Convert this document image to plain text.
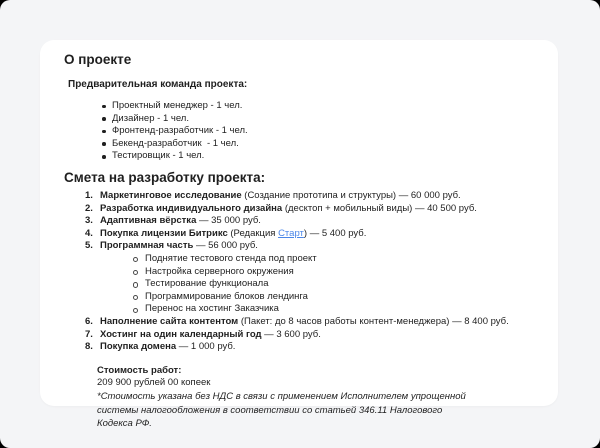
О проекте
Предварительная команда проекта:
Проектный менеджер - 1 чел.
Дизайнер - 1 чел.
Фронтенд-разработчик - 1 чел.
Бекенд-разработчик  - 1 чел.
Тестировщик - 1 чел.
Смета на разработку проекта:
1. Маркетинговое исследование (Создание прототипа и структуры) — 60 000 руб.
2. Разработка индивидуального дизайна (десктоп + мобильный виды) — 40 500 руб.
3. Адаптивная вёрстка — 35 000 руб.
4. Покупка лицензии Битрикс (Редакция Старт) — 5 400 руб.
5. Программная часть — 56 000 руб.
Поднятие тестового стенда под проект
Настройка серверного окружения
Тестирование функционала
Программирование блоков лендинга
Перенос на хостинг Заказчика
6. Наполнение сайта контентом (Пакет: до 8 часов работы контент-менеджера) — 8 400 руб.
7. Хостинг на один календарный год — 3 600 руб.
8. Покупка домена — 1 000 руб.
Стоимость работ:
209 900 рублей 00 копеек
*Стоимость указана без НДС в связи с применением Исполнителем упрощенной системы налогообложения в соответствии со статьей 346.11 Налогового Кодекса РФ.
